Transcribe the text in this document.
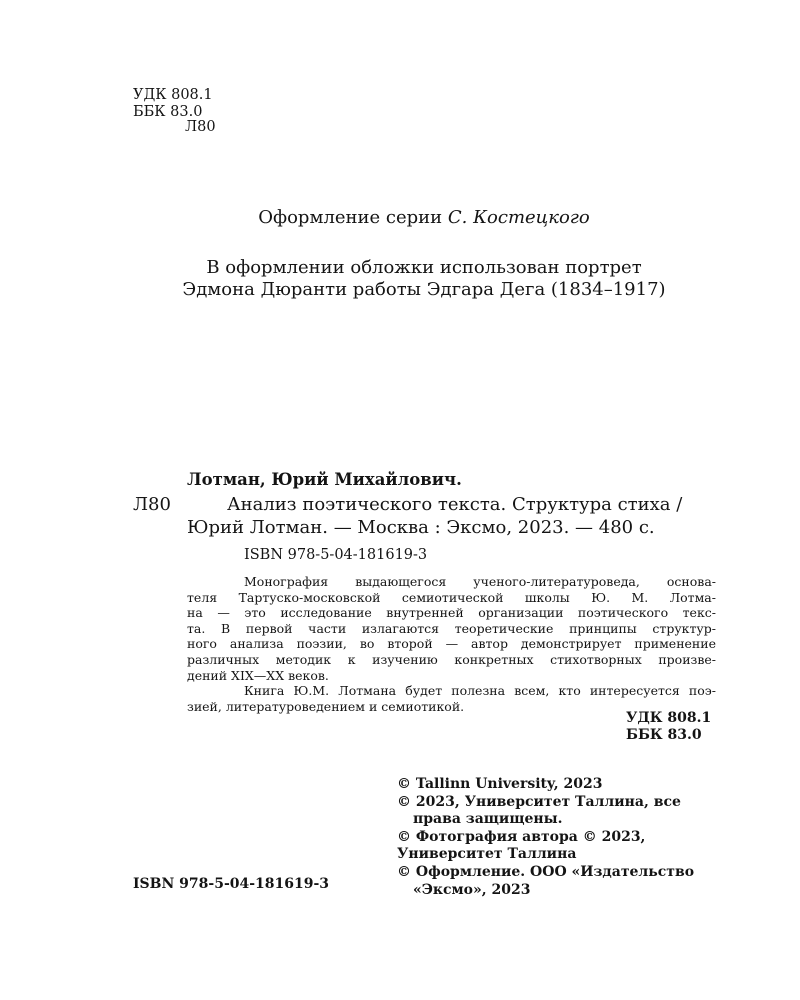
УДК 808.1
ББК 83.0
Л80
Оформление серии С. Костецкого
В оформлении обложки использован портрет
Эдмона Дюранти работы Эдгара Дега (1834–1917)
Лотман, Юрий Михайлович.
Л80	Анализ поэтического текста. Структура стиха /
Юрий Лотман. — Москва : Эксмо, 2023. — 480 с.
ISBN 978-5-04-181619-3
Монография выдающегося ученого-литературоведа, основа-
теля Тартуско-московской семиотической школы Ю. М. Лотма-
на — это исследование внутренней организации поэтического текс-
та. В первой части излагаются теоретические принципы структур-
ного анализа поэзии, во второй — автор демонстрирует применение
различных методик к изучению конкретных стихотворных произве-
дений XIX—XX веков.
Книга Ю.М. Лотмана будет полезна всем, кто интересуется поэ-
зией, литературоведением и семиотикой.
УДК 808.1
ББК 83.0
© Tallinn University, 2023
© 2023, Университет Таллина, все
права защищены.
© Фотография автора © 2023,
Университет Таллина
© Оформление. ООО «Издательство
«Эксмо», 2023
ISBN 978-5-04-181619-3
